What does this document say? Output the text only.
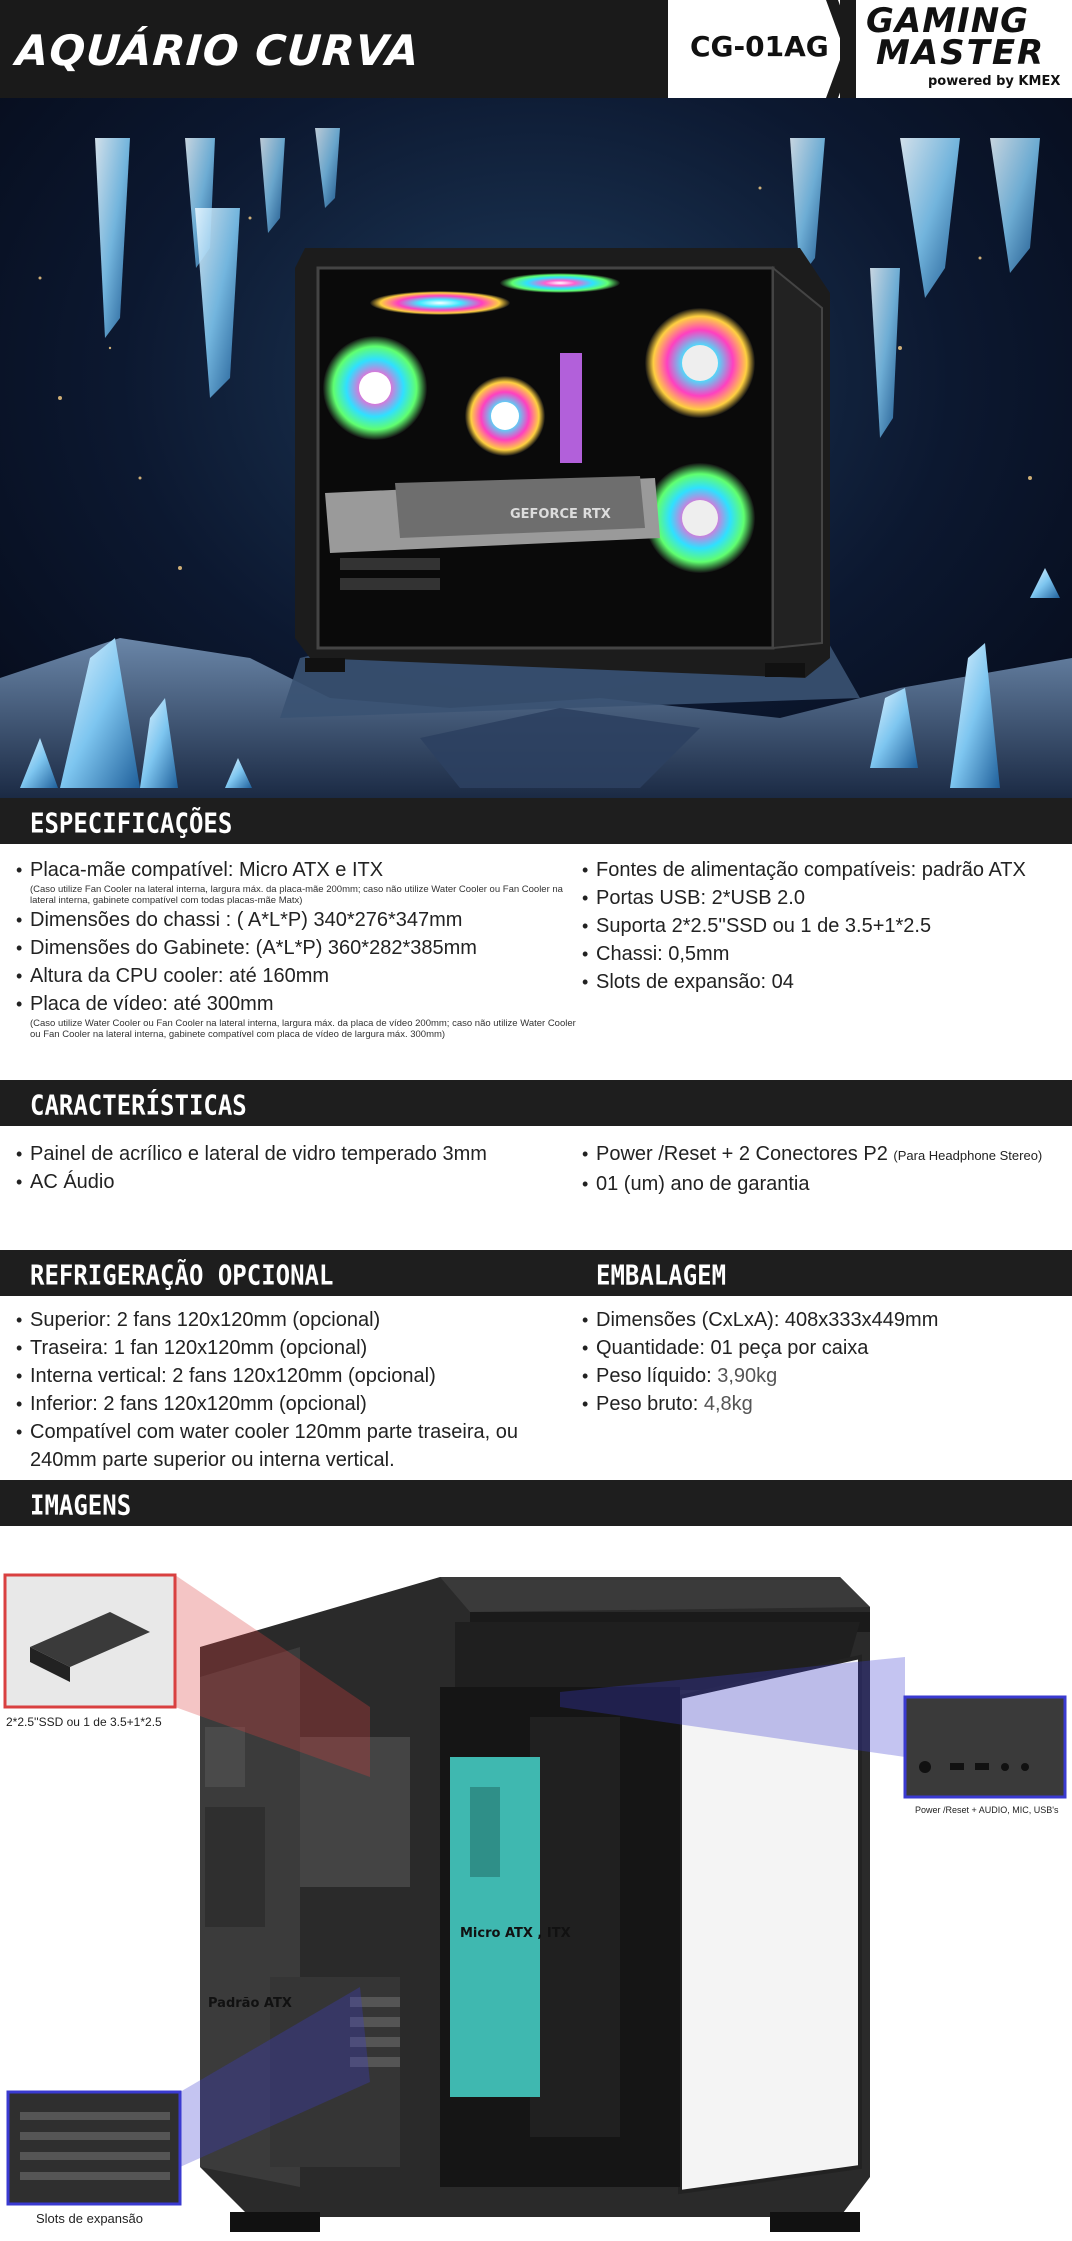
AQUÁRIO CURVA	CG-01AG
GAMING
MASTER
powered by KMEX
GEFORCE RTX
ESPECIFICAÇÕES
• Placa-mãe compatível: Micro ATX e ITX
(Caso utilize Fan Cooler na lateral interna, largura máx. da placa-mãe 200mm; caso não utilize Water Cooler ou Fan Cooler na lateral interna, gabinete compatível com todas placas-mãe Matx)
• Dimensões do chassi : ( A*L*P) 340*276*347mm
• Dimensões do Gabinete: (A*L*P) 360*282*385mm
• Altura da CPU cooler: até 160mm
• Placa de vídeo: até 300mm
(Caso utilize Water Cooler ou Fan Cooler na lateral interna, largura máx. da placa de vídeo 200mm; caso não utilize Water Cooler ou Fan Cooler na lateral interna, gabinete compatível com placa de vídeo de largura máx. 300mm)
• Fontes de alimentação compatíveis: padrão ATX
• Portas USB: 2*USB 2.0
• Suporta 2*2.5''SSD ou 1 de 3.5+1*2.5
• Chassi: 0,5mm
• Slots de expansão: 04
CARACTERÍSTICAS
• Painel de acrílico e lateral de vidro temperado 3mm
• AC Áudio
• Power /Reset + 2 Conectores P2 (Para Headphone Stereo)
• 01 (um) ano de garantia
REFRIGERAÇÃO OPCIONAL	EMBALAGEM
• Superior: 2 fans 120x120mm (opcional)
• Traseira: 1 fan 120x120mm (opcional)
• Interna vertical: 2 fans 120x120mm (opcional)
• Inferior: 2 fans 120x120mm (opcional)
• Compatível com water cooler 120mm parte traseira, ou 240mm parte superior ou interna vertical.
• Dimensões (CxLxA): 408x333x449mm
• Quantidade: 01 peça por caixa
• Peso líquido: 3,90kg
• Peso bruto: 4,8kg
IMAGENS
Micro ATX , ITX
Padrão ATX
2*2.5''SSD ou 1 de 3.5+1*2.5
Power /Reset + AUDIO, MIC, USB's
Slots de expansão
